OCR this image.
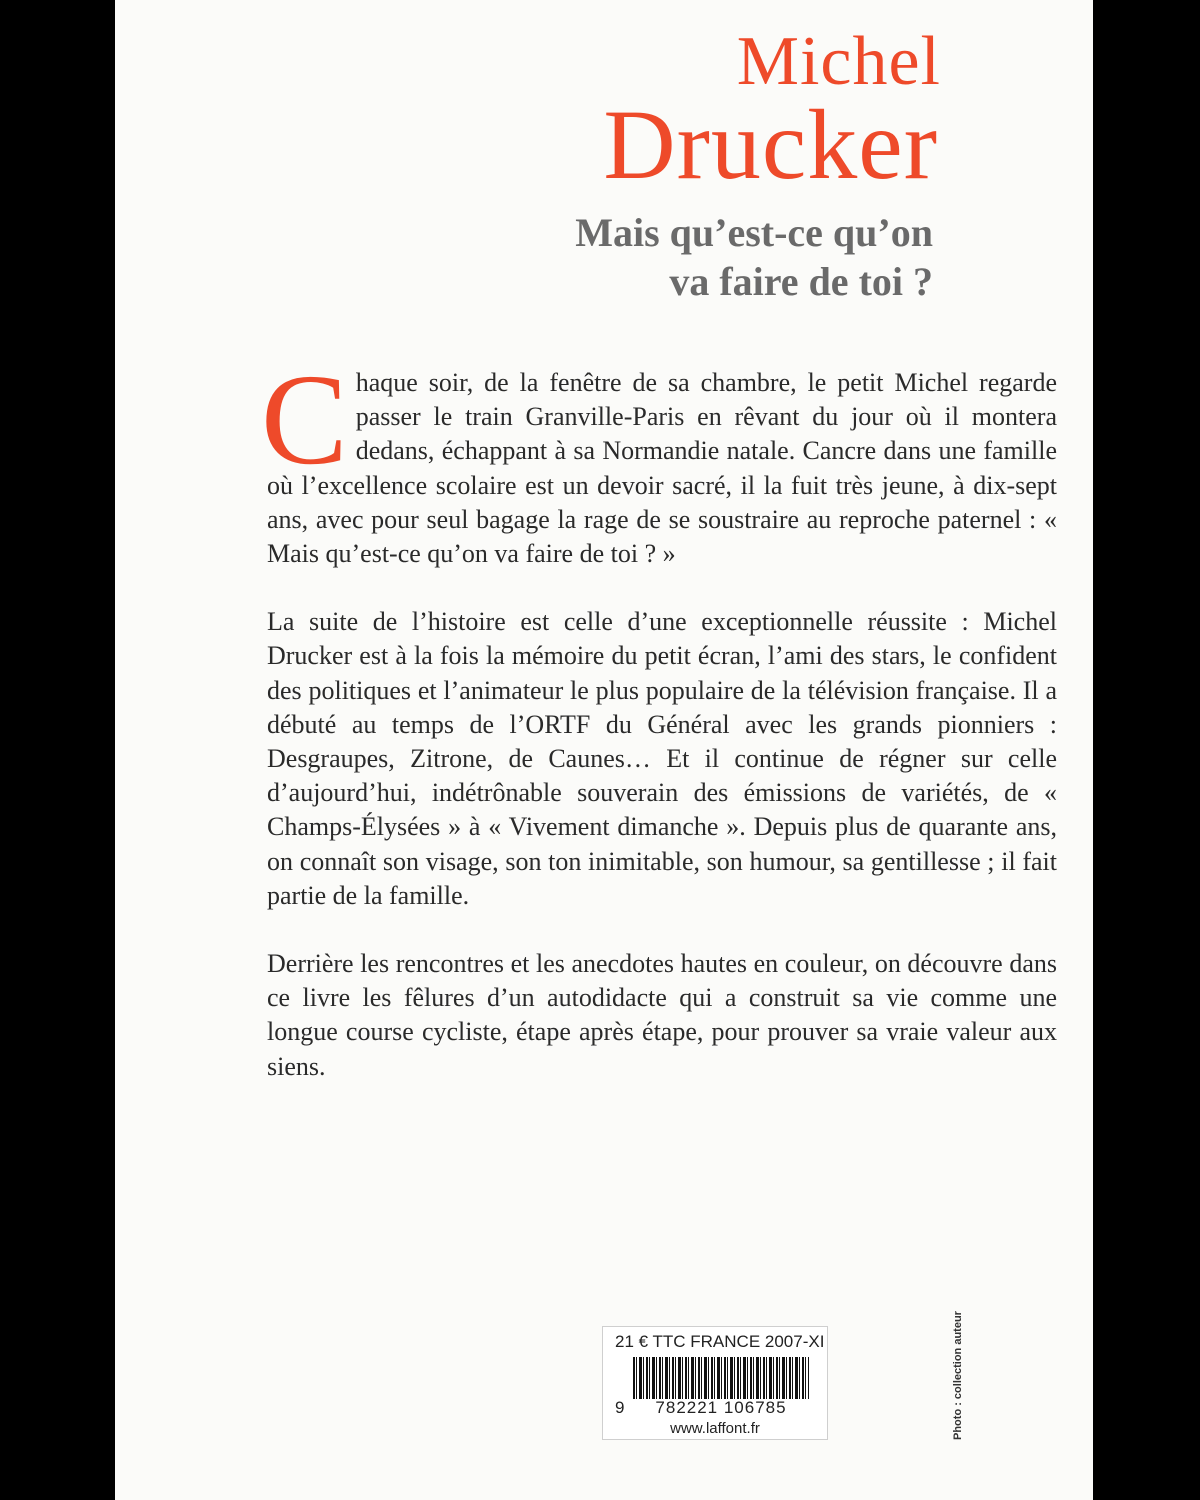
Michel
Drucker
Mais qu’est-ce qu’on
va faire de toi ?

C haque soir, de la fenêtre de sa chambre, le petit Michel regarde passer le train Granville-Paris en rêvant du jour où il montera dedans, échappant à sa Normandie natale. Cancre dans une famille où l’excellence scolaire est un devoir sacré, il la fuit très jeune, à dix-sept ans, avec pour seul bagage la rage de se soustraire au reproche paternel : « Mais qu’est-ce qu’on va faire de toi ? »

La suite de l’histoire est celle d’une exceptionnelle réussite : Michel Drucker est à la fois la mémoire du petit écran, l’ami des stars, le confident des politiques et l’animateur le plus populaire de la télévision française. Il a débuté au temps de l’ORTF du Général avec les grands pionniers : Desgraupes, Zitrone, de Caunes… Et il continue de régner sur celle d’aujourd’hui, indétrônable souverain des émissions de variétés, de « Champs-Élysées » à « Vivement dimanche ». Depuis plus de quarante ans, on connaît son visage, son ton inimitable, son humour, sa gentillesse ; il fait partie de la famille.

Derrière les rencontres et les anecdotes hautes en couleur, on découvre dans ce livre les fêlures d’un autodidacte qui a construit sa vie comme une longue course cycliste, étape après étape, pour prouver sa vraie valeur aux siens.

21 € TTC FRANCE 2007-XI
9	782221 106785
www.laffont.fr	Photo : collection auteur
